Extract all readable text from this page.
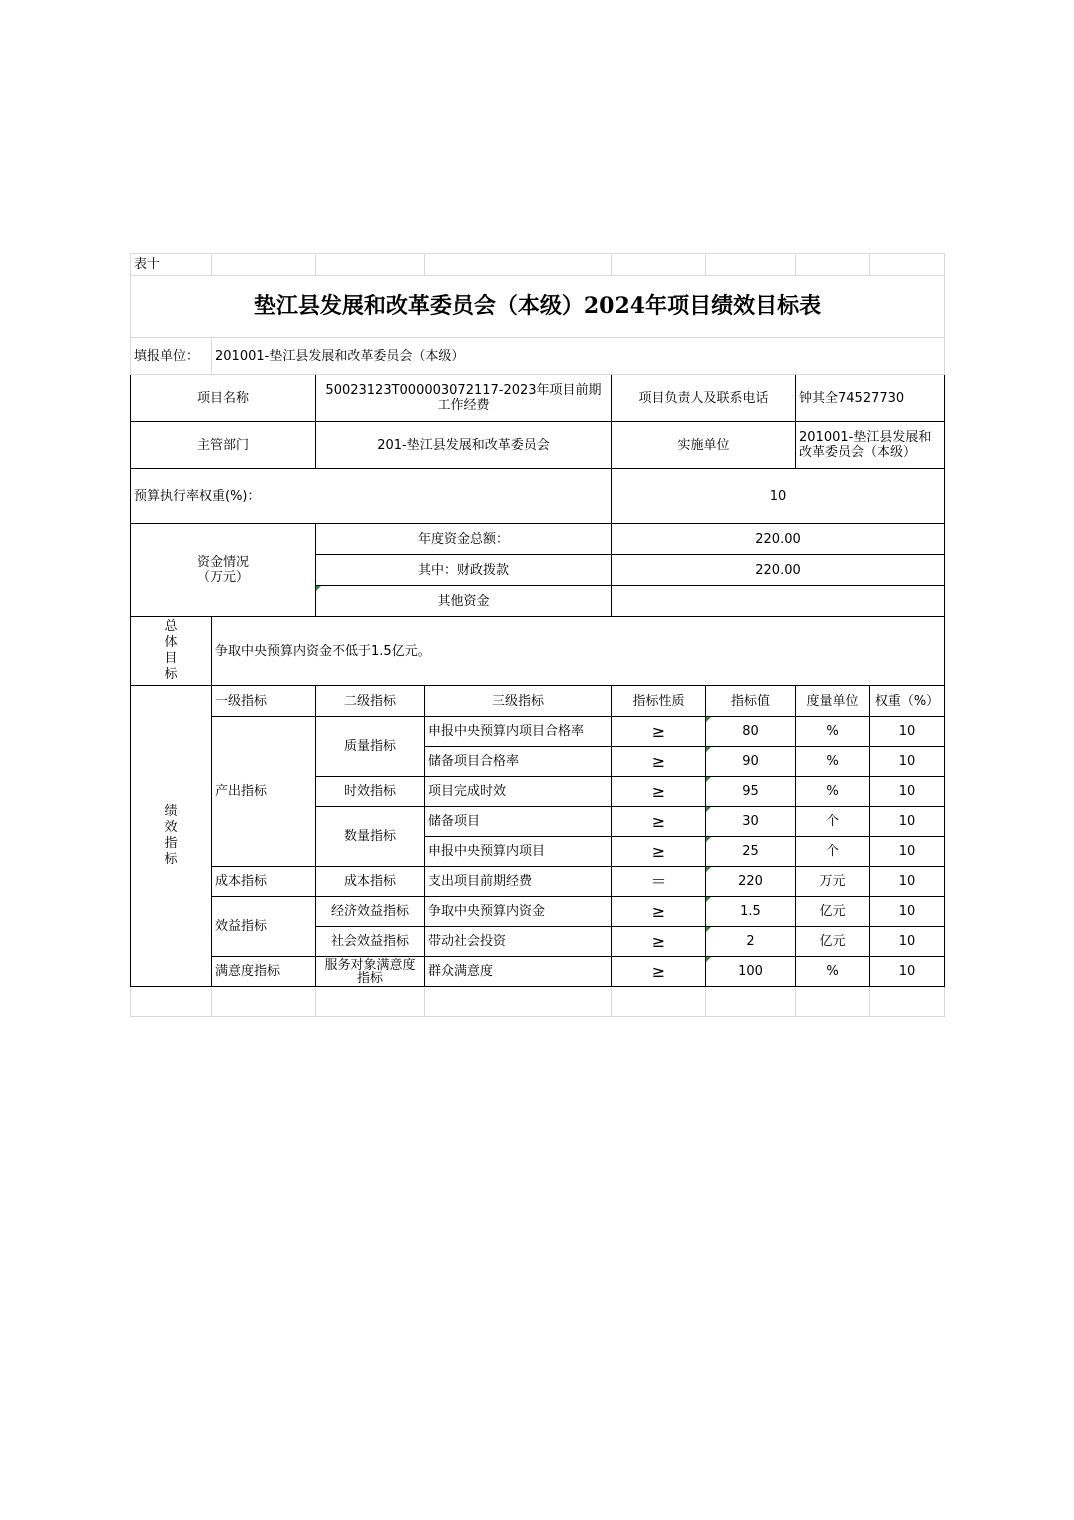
表十							
垫江县发展和改革委员会（本级）2024年项目绩效目标表							
填报单位：	201001-垫江县发展和改革委员会（本级）						
项目名称		50023123T000003072117-2023年项目前期工作经费		项目负责人及联系电话		钟其全74527730	
主管部门		201-垫江县发展和改革委员会		实施单位		201001-垫江县发展和改革委员会（本级）	
预算执行率权重(%)：				10			

资金情况
（万元）		年度资金总额：		220.00			
		其中：财政拨款		220.00			
		其他资金					

总
体
目
标	争取中央预算内资金不低于1.5亿元。						

绩
效
指
标	一级指标	二级指标	三级指标	指标性质	指标值	度量单位	权重（%）
	产出指标	质量指标	申报中央预算内项目合格率	≥	80	%	10
			储备项目合格率	≥	90	%	10
		时效指标	项目完成时效	≥	95	%	10
		数量指标	储备项目	≥	30	个	10
			申报中央预算内项目	≥	25	个	10
	成本指标	成本指标	支出项目前期经费	＝	220	万元	10
	效益指标	经济效益指标	争取中央预算内资金	≥	1.5	亿元	10
		社会效益指标	带动社会投资	≥	2	亿元	10
	满意度指标	服务对象满意度指标	群众满意度	≥	100	%	10
